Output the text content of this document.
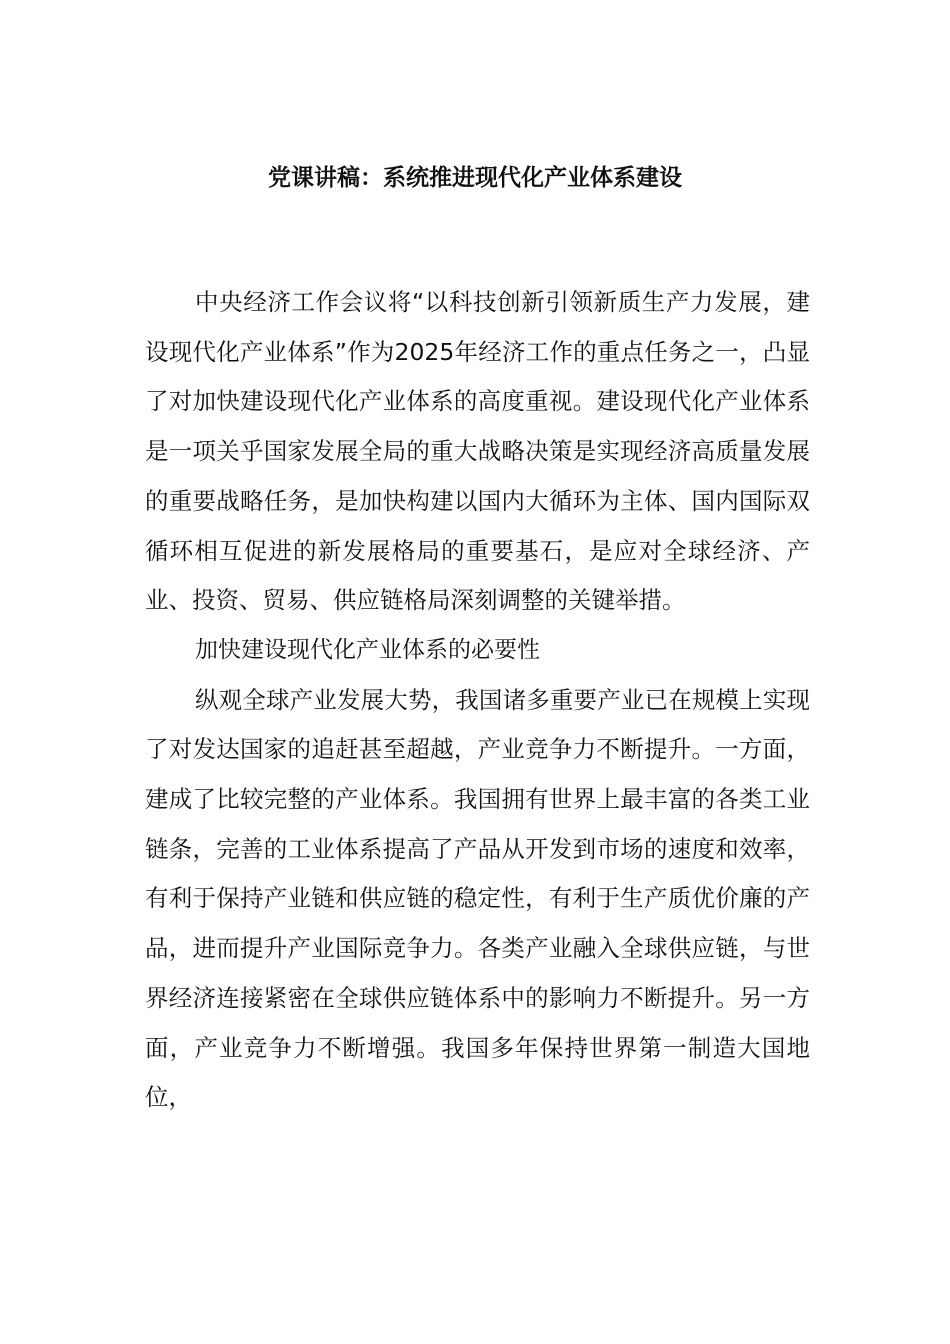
党课讲稿：系统推进现代化产业体系建设

中央经济工作会议将“以科技创新引领新质生产力发展，建设现代化产业体系”作为2025年经济工作的重点任务之一，凸显了对加快建设现代化产业体系的高度重视。建设现代化产业体系是一项关乎国家发展全局的重大战略决策是实现经济高质量发展的重要战略任务，是加快构建以国内大循环为主体、国内国际双循环相互促进的新发展格局的重要基石，是应对全球经济、产业、投资、贸易、供应链格局深刻调整的关键举措。

加快建设现代化产业体系的必要性

纵观全球产业发展大势，我国诸多重要产业已在规模上实现了对发达国家的追赶甚至超越，产业竞争力不断提升。一方面，建成了比较完整的产业体系。我国拥有世界上最丰富的各类工业链条，完善的工业体系提高了产品从开发到市场的速度和效率，有利于保持产业链和供应链的稳定性，有利于生产质优价廉的产品，进而提升产业国际竞争力。各类产业融入全球供应链，与世界经济连接紧密在全球供应链体系中的影响力不断提升。另一方面，产业竞争力不断增强。我国多年保持世界第一制造大国地位，
